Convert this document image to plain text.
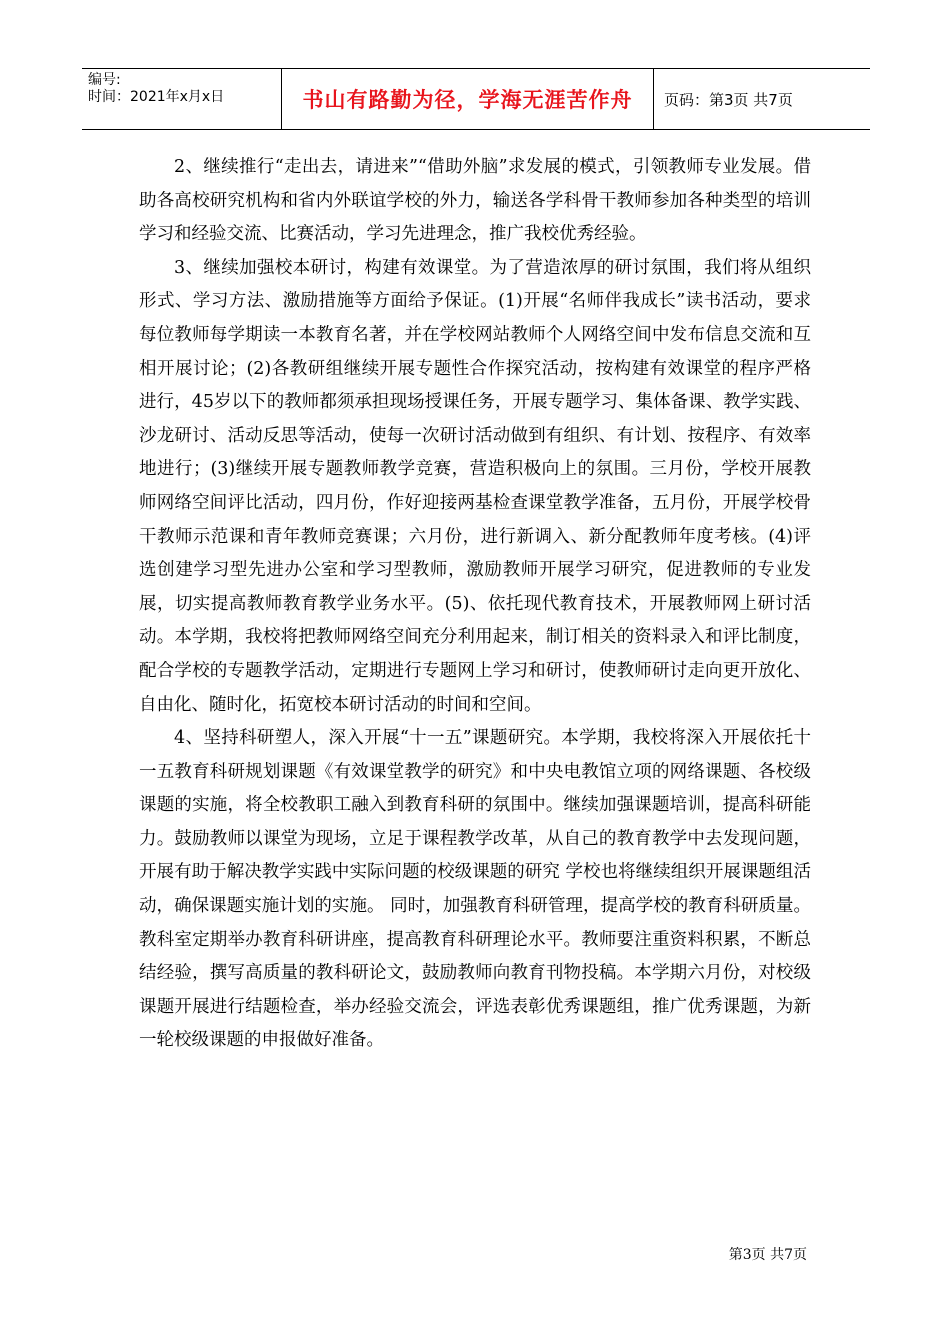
编号:
时间：2021年x月x日	书山有路勤为径，学海无涯苦作舟	页码：第3页 共7页

2、继续推行“走出去，请进来”“借助外脑”求发展的模式，引领教师专业发展。借助各高校研究机构和省内外联谊学校的外力，输送各学科骨干教师参加各种类型的培训学习和经验交流、比赛活动，学习先进理念，推广我校优秀经验。

3、继续加强校本研讨，构建有效课堂。为了营造浓厚的研讨氛围，我们将从组织形式、学习方法、激励措施等方面给予保证。(1)开展“名师伴我成长”读书活动，要求每位教师每学期读一本教育名著，并在学校网站教师个人网络空间中发布信息交流和互相开展讨论；(2)各教研组继续开展专题性合作探究活动，按构建有效课堂的程序严格进行，45岁以下的教师都须承担现场授课任务，开展专题学习、集体备课、教学实践、沙龙研讨、活动反思等活动，使每一次研讨活动做到有组织、有计划、按程序、有效率地进行；(3)继续开展专题教师教学竞赛，营造积极向上的氛围。三月份，学校开展教师网络空间评比活动，四月份，作好迎接两基检查课堂教学准备，五月份，开展学校骨干教师示范课和青年教师竞赛课；六月份，进行新调入、新分配教师年度考核。(4)评选创建学习型先进办公室和学习型教师，激励教师开展学习研究，促进教师的专业发展，切实提高教师教育教学业务水平。(5)、依托现代教育技术，开展教师网上研讨活动。本学期，我校将把教师网络空间充分利用起来，制订相关的资料录入和评比制度，配合学校的专题教学活动，定期进行专题网上学习和研讨，使教师研讨走向更开放化、自由化、随时化，拓宽校本研讨活动的时间和空间。

4、坚持科研塑人，深入开展“十一五”课题研究。本学期，我校将深入开展依托十一五教育科研规划课题《有效课堂教学的研究》和中央电教馆立项的网络课题、各校级课题的实施，将全校教职工融入到教育科研的氛围中。继续加强课题培训，提高科研能力。鼓励教师以课堂为现场，立足于课程教学改革，从自己的教育教学中去发现问题，开展有助于解决教学实践中实际问题的校级课题的研究 学校也将继续组织开展课题组活动，确保课题实施计划的实施。 同时，加强教育科研管理，提高学校的教育科研质量。教科室定期举办教育科研讲座，提高教育科研理论水平。教师要注重资料积累，不断总结经验，撰写高质量的教科研论文，鼓励教师向教育刊物投稿。本学期六月份，对校级课题开展进行结题检查，举办经验交流会，评选表彰优秀课题组，推广优秀课题，为新一轮校级课题的申报做好准备。

第3页 共7页
